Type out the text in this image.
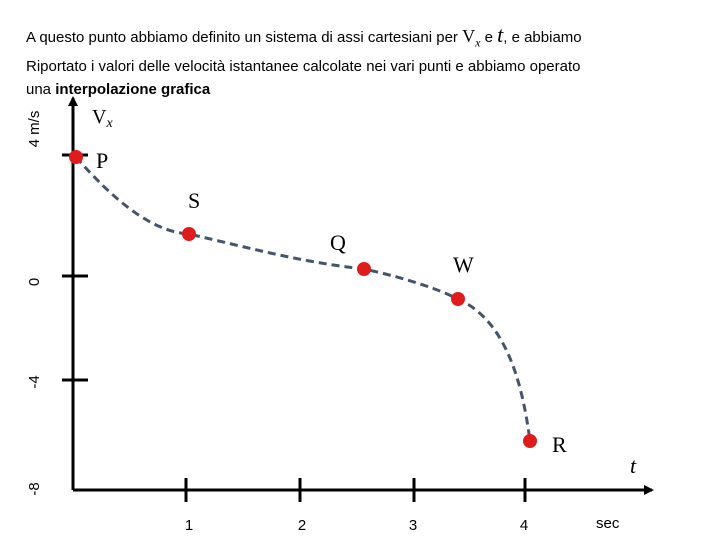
A questo punto abbiamo definito un sistema di assi cartesiani per $V_x$ e t, e abbiamo
Riportato i valori delle velocità istantanee calcolate nei vari punti e abbiamo operato
una interpolazione grafica
4 m/s
0
-4
-8
P
S
Q
W
R
$V_x$
t
sec
1	2	3	4
